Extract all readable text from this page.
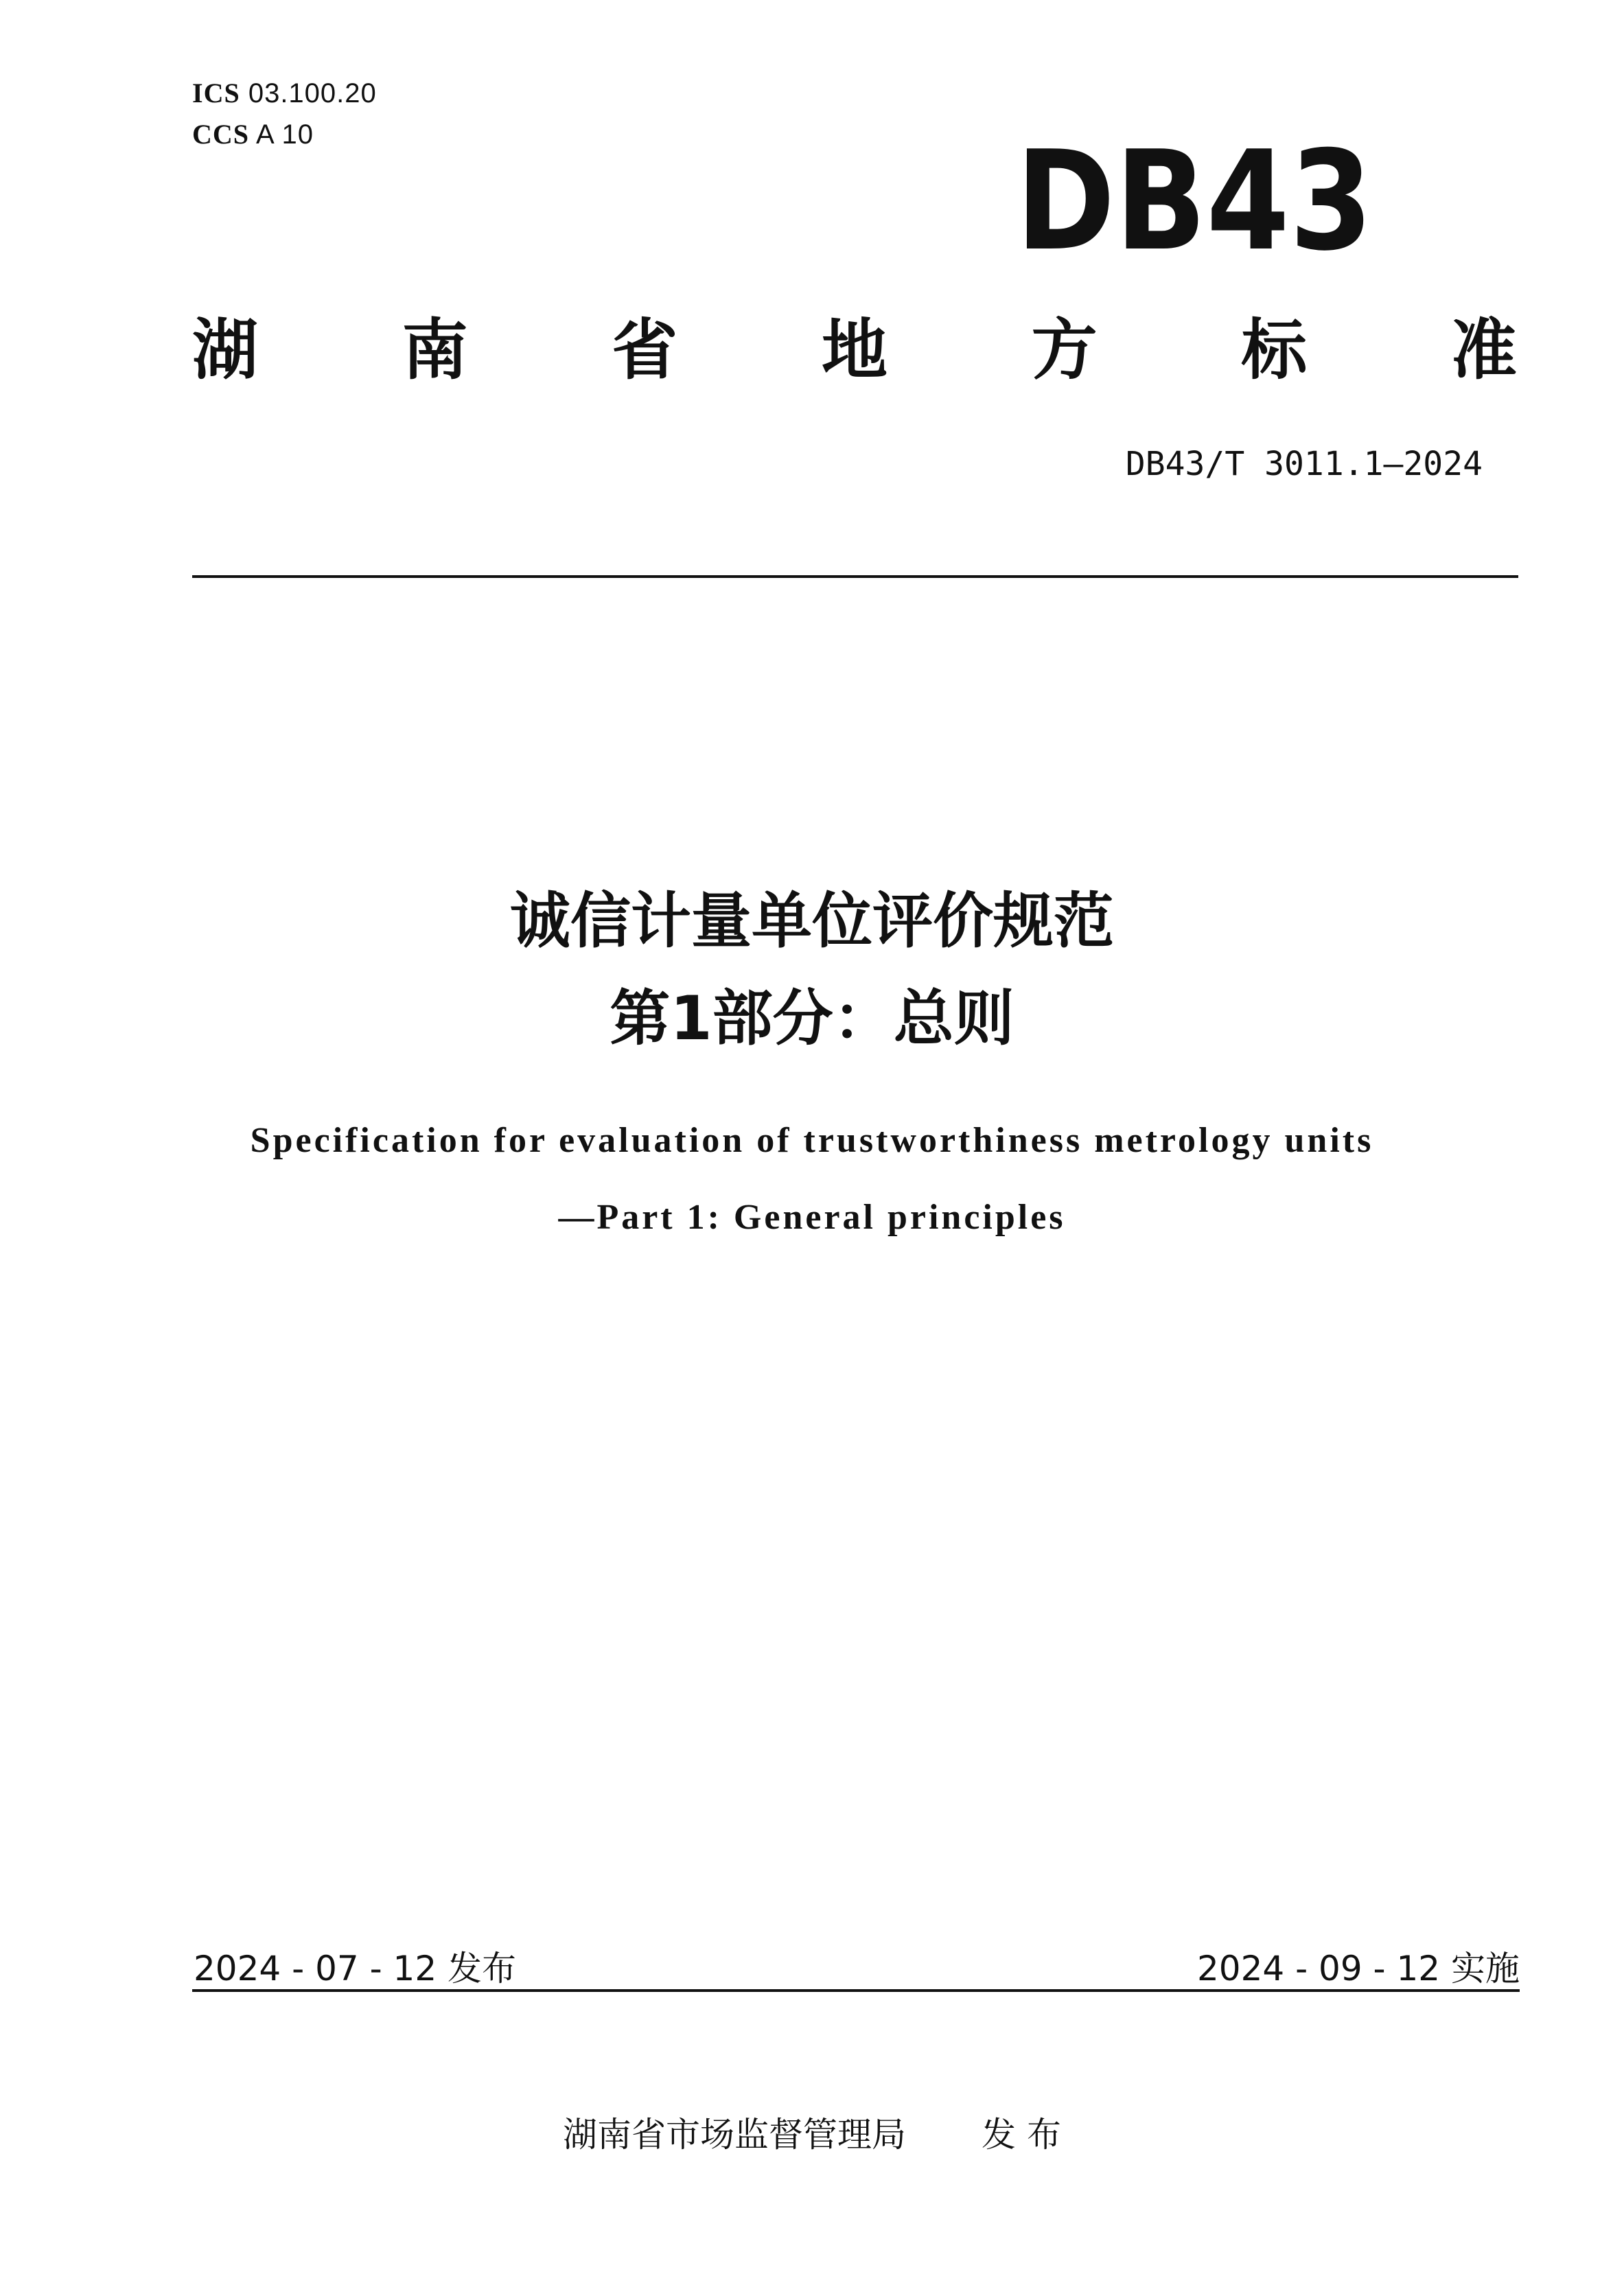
ICS 03.100.20
CCS A 10	DB43
湖 南 省 地 方 标 准
DB43/T 3011.1—2024
诚信计量单位评价规范
第1部分：总则
Specification for evaluation of trustworthiness metrology units
—Part 1: General principles
2024 - 07 - 12 发布	2024 - 09 - 12 实施
湖南省市场监督管理局 发 布
